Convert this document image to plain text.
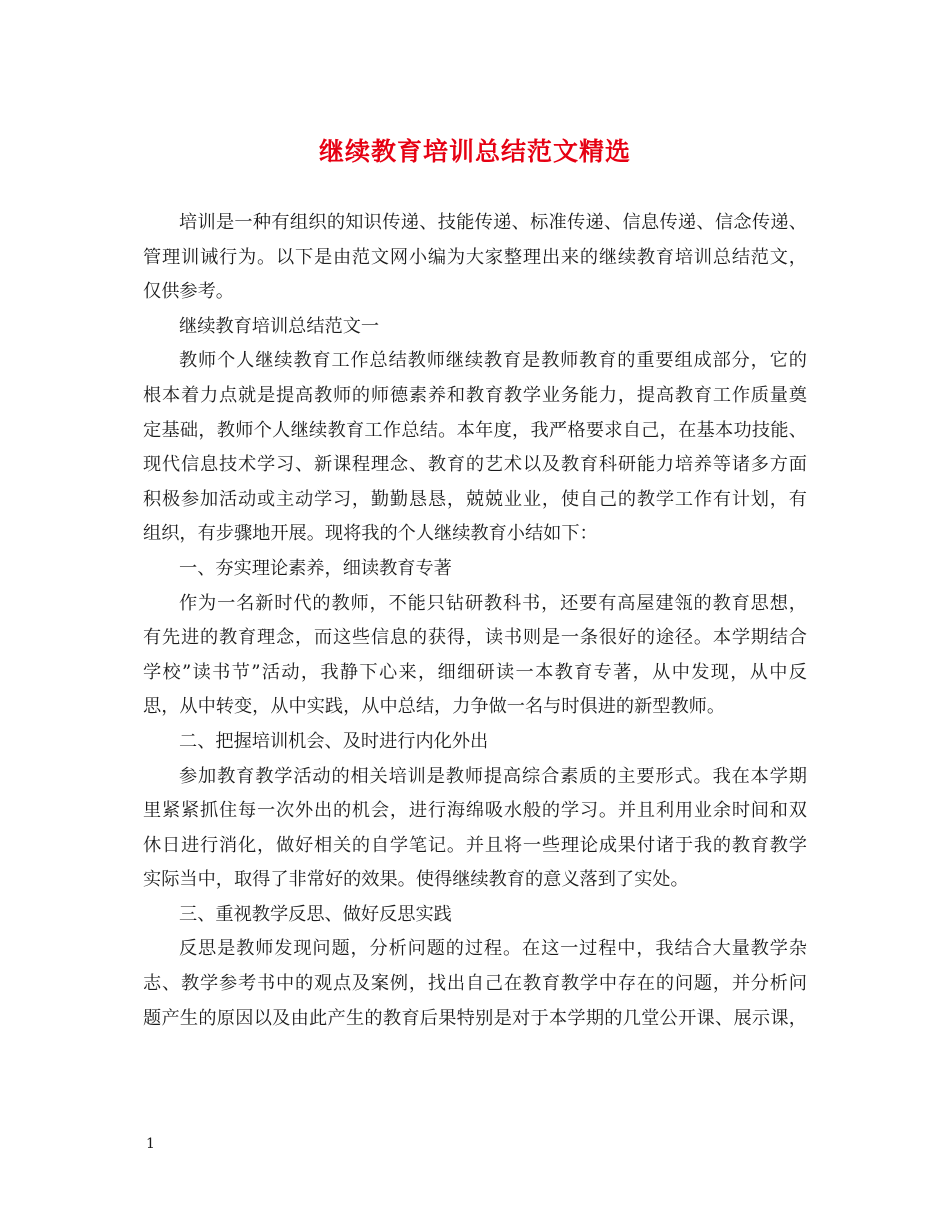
继续教育培训总结范文精选
培训是一种有组织的知识传递、技能传递、标准传递、信息传递、信念传递、
管理训诫行为。以下是由范文网小编为大家整理出来的继续教育培训总结范文，
仅供参考。
继续教育培训总结范文一
教师个人继续教育工作总结教师继续教育是教师教育的重要组成部分，它的
根本着力点就是提高教师的师德素养和教育教学业务能力，提高教育工作质量奠
定基础，教师个人继续教育工作总结。本年度，我严格要求自己，在基本功技能、
现代信息技术学习、新课程理念、教育的艺术以及教育科研能力培养等诸多方面
积极参加活动或主动学习，勤勤恳恳，兢兢业业，使自己的教学工作有计划，有
组织，有步骤地开展。现将我的个人继续教育小结如下：
一、夯实理论素养，细读教育专著
作为一名新时代的教师，不能只钻研教科书，还要有高屋建瓴的教育思想，
有先进的教育理念，而这些信息的获得，读书则是一条很好的途径。本学期结合
学校”读书节”活动，我静下心来，细细研读一本教育专著，从中发现，从中反
思，从中转变，从中实践，从中总结，力争做一名与时俱进的新型教师。
二、把握培训机会、及时进行内化外出
参加教育教学活动的相关培训是教师提高综合素质的主要形式。我在本学期
里紧紧抓住每一次外出的机会，进行海绵吸水般的学习。并且利用业余时间和双
休日进行消化，做好相关的自学笔记。并且将一些理论成果付诸于我的教育教学
实际当中，取得了非常好的效果。使得继续教育的意义落到了实处。
三、重视教学反思、做好反思实践
反思是教师发现问题，分析问题的过程。在这一过程中，我结合大量教学杂
志、教学参考书中的观点及案例，找出自己在教育教学中存在的问题，并分析问
题产生的原因以及由此产生的教育后果特别是对于本学期的几堂公开课、展示课，
1
